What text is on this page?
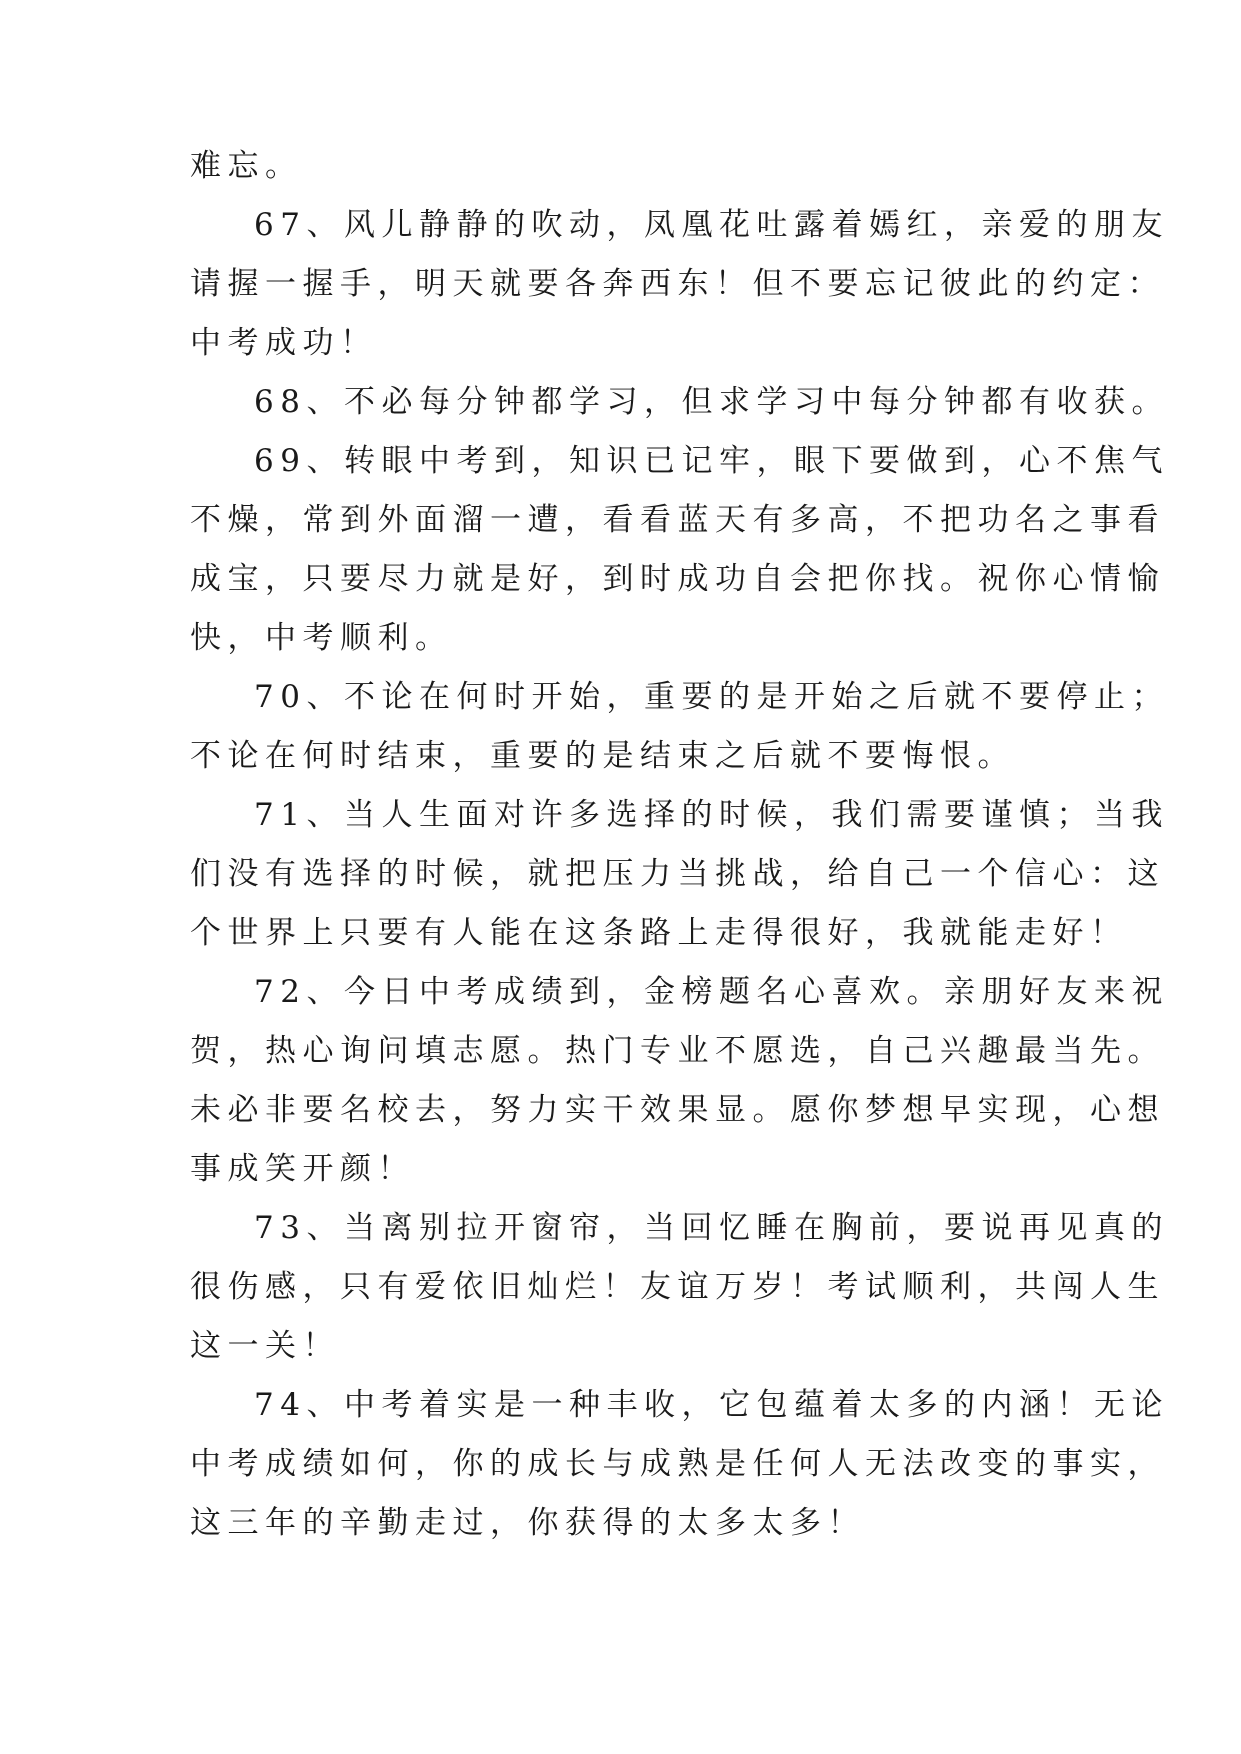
难忘。

67、风儿静静的吹动，凤凰花吐露着嫣红，亲爱的朋友

请握一握手，明天就要各奔西东！但不要忘记彼此的约定：

中考成功！

68、不必每分钟都学习，但求学习中每分钟都有收获。

69、转眼中考到，知识已记牢，眼下要做到，心不焦气

不燥，常到外面溜一遭，看看蓝天有多高，不把功名之事看

成宝，只要尽力就是好，到时成功自会把你找。祝你心情愉

快，中考顺利。

70、不论在何时开始，重要的是开始之后就不要停止；

不论在何时结束，重要的是结束之后就不要悔恨。

71、当人生面对许多选择的时候，我们需要谨慎；当我

们没有选择的时候，就把压力当挑战，给自己一个信心：这

个世界上只要有人能在这条路上走得很好，我就能走好！

72、今日中考成绩到，金榜题名心喜欢。亲朋好友来祝

贺，热心询问填志愿。热门专业不愿选，自己兴趣最当先。

未必非要名校去，努力实干效果显。愿你梦想早实现，心想

事成笑开颜！

73、当离别拉开窗帘，当回忆睡在胸前，要说再见真的

很伤感，只有爱依旧灿烂！友谊万岁！考试顺利，共闯人生

这一关！

74、中考着实是一种丰收，它包蕴着太多的内涵！无论

中考成绩如何，你的成长与成熟是任何人无法改变的事实，

这三年的辛勤走过，你获得的太多太多！
